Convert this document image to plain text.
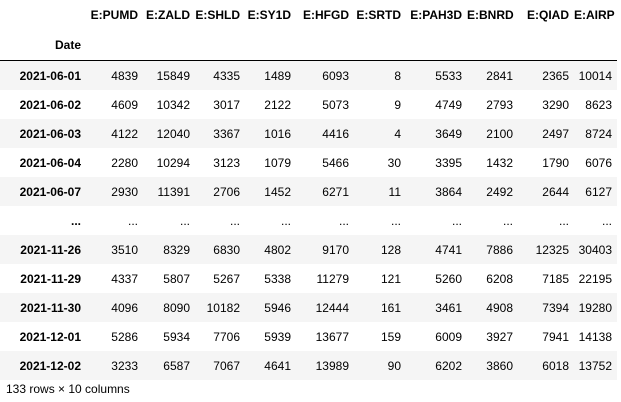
	E:PUMD	E:ZALD	E:SHLD	E:SY1D	E:HFGD	E:SRTD	E:PAH3D	E:BNRD	E:QIAD	E:AIRP
Date										
2021-06-01	4839	15849	4335	1489	6093	8	5533	2841	2365	10014
2021-06-02	4609	10342	3017	2122	5073	9	4749	2793	3290	8623
2021-06-03	4122	12040	3367	1016	4416	4	3649	2100	2497	8724
2021-06-04	2280	10294	3123	1079	5466	30	3395	1432	1790	6076
2021-06-07	2930	11391	2706	1452	6271	11	3864	2492	2644	6127
...	...	...	...	...	...	...	...	...	...	...
2021-11-26	3510	8329	6830	4802	9170	128	4741	7886	12325	30403
2021-11-29	4337	5807	5267	5338	11279	121	5260	6208	7185	22195
2021-11-30	4096	8090	10182	5946	12444	161	3461	4908	7394	19280
2021-12-01	5286	5934	7706	5939	13677	159	6009	3927	7941	14138
2021-12-02	3233	6587	7067	4641	13989	90	6202	3860	6018	13752
133 rows × 10 columns
